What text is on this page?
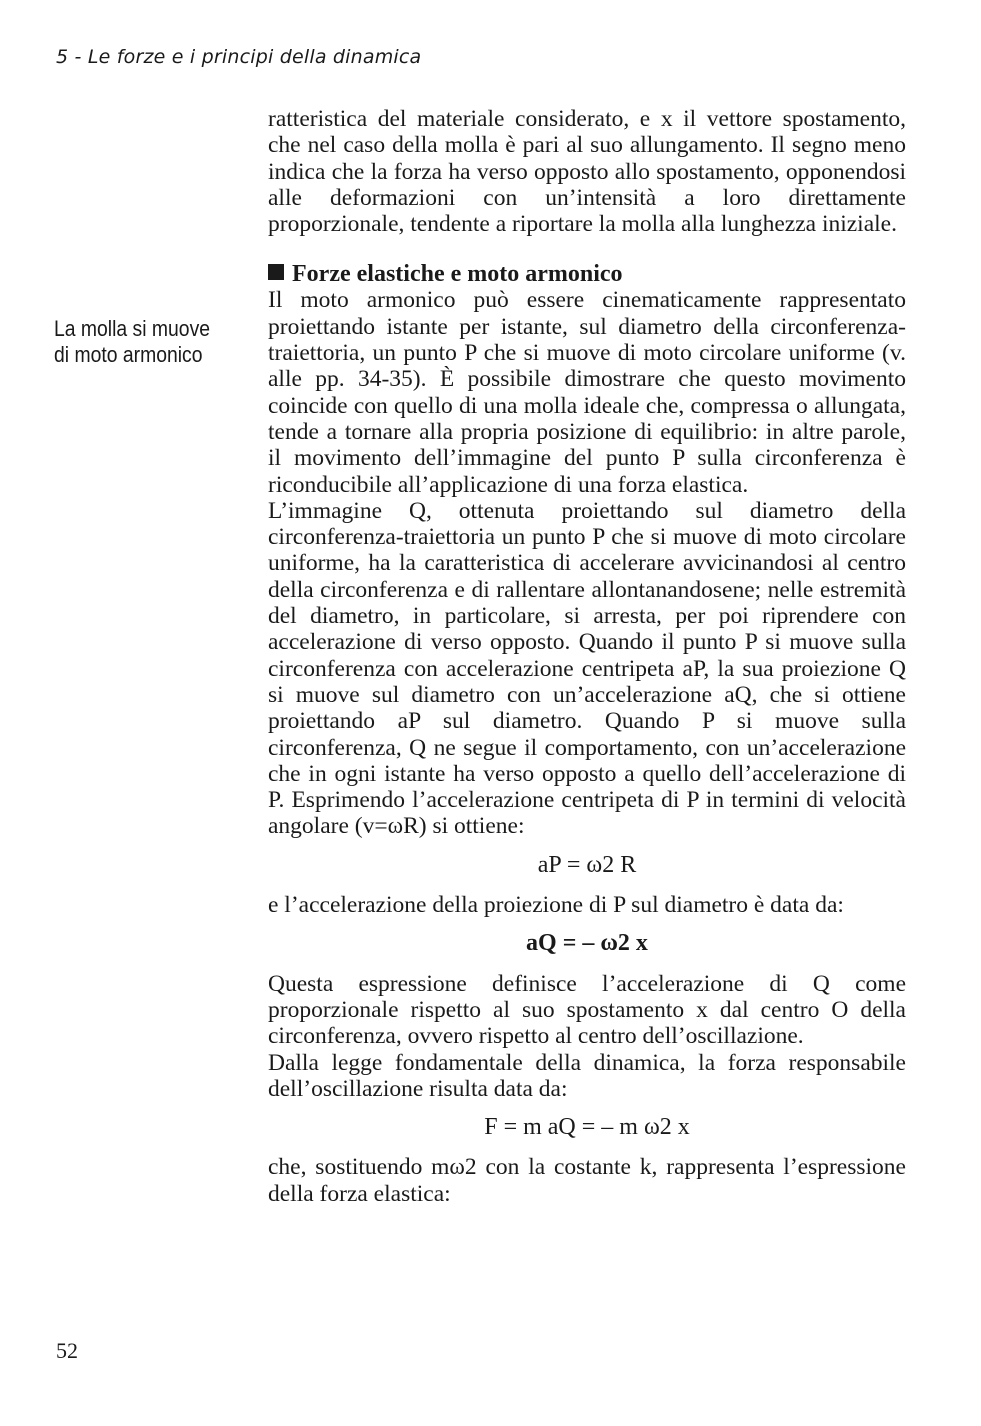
5 - Le forze e i principi della dinamica
La molla si muove
di moto armonico

ratteristica del materiale considerato, e x il vettore spostamento, che nel caso della molla è pari al suo allungamento. Il segno meno indica che la forza ha verso opposto allo spostamento, opponendosi alle deformazioni con un’intensità a loro direttamente proporzionale, tendente a riportare la molla alla lunghezza iniziale.

Forze elastiche e moto armonico

Il moto armonico può essere cinematicamente rappresentato proiettando istante per istante, sul diametro della circonferenza-traiettoria, un punto P che si muove di moto circolare uniforme (v. alle pp. 34-35). È possibile dimostrare che questo movimento coincide con quello di una molla ideale che, compressa o allungata, tende a tornare alla propria posizione di equilibrio: in altre parole, il movimento dell’immagine del punto P sulla circonferenza è riconducibile all’applicazione di una forza elastica.

L’immagine Q, ottenuta proiettando sul diametro della circonferenza-traiettoria un punto P che si muove di moto circolare uniforme, ha la caratteristica di accelerare avvicinandosi al centro della circonferenza e di rallentare allontanandosene; nelle estremità del diametro, in particolare, si arresta, per poi riprendere con accelerazione di verso opposto. Quando il punto P si muove sulla circonferenza con accelerazione centripeta aP, la sua proiezione Q si muove sul diametro con un’accelerazione aQ, che si ottiene proiettando aP sul diametro. Quando P si muove sulla circonferenza, Q ne segue il comportamento, con un’accelerazione che in ogni istante ha verso opposto a quello dell’accelerazione di P. Esprimendo l’accelerazione centripeta di P in termini di velocità angolare (v=ωR) si ottiene:

aP = ω2 R

e l’accelerazione della proiezione di P sul diametro è data da:

aQ = – ω2 x

Questa espressione definisce l’accelerazione di Q come proporzionale rispetto al suo spostamento x dal centro O della circonferenza, ovvero rispetto al centro dell’oscillazione.

Dalla legge fondamentale della dinamica, la forza responsabile dell’oscillazione risulta data da:

F = m aQ = – m ω2 x

che, sostituendo mω2 con la costante k, rappresenta l’espressione della forza elastica:

52
